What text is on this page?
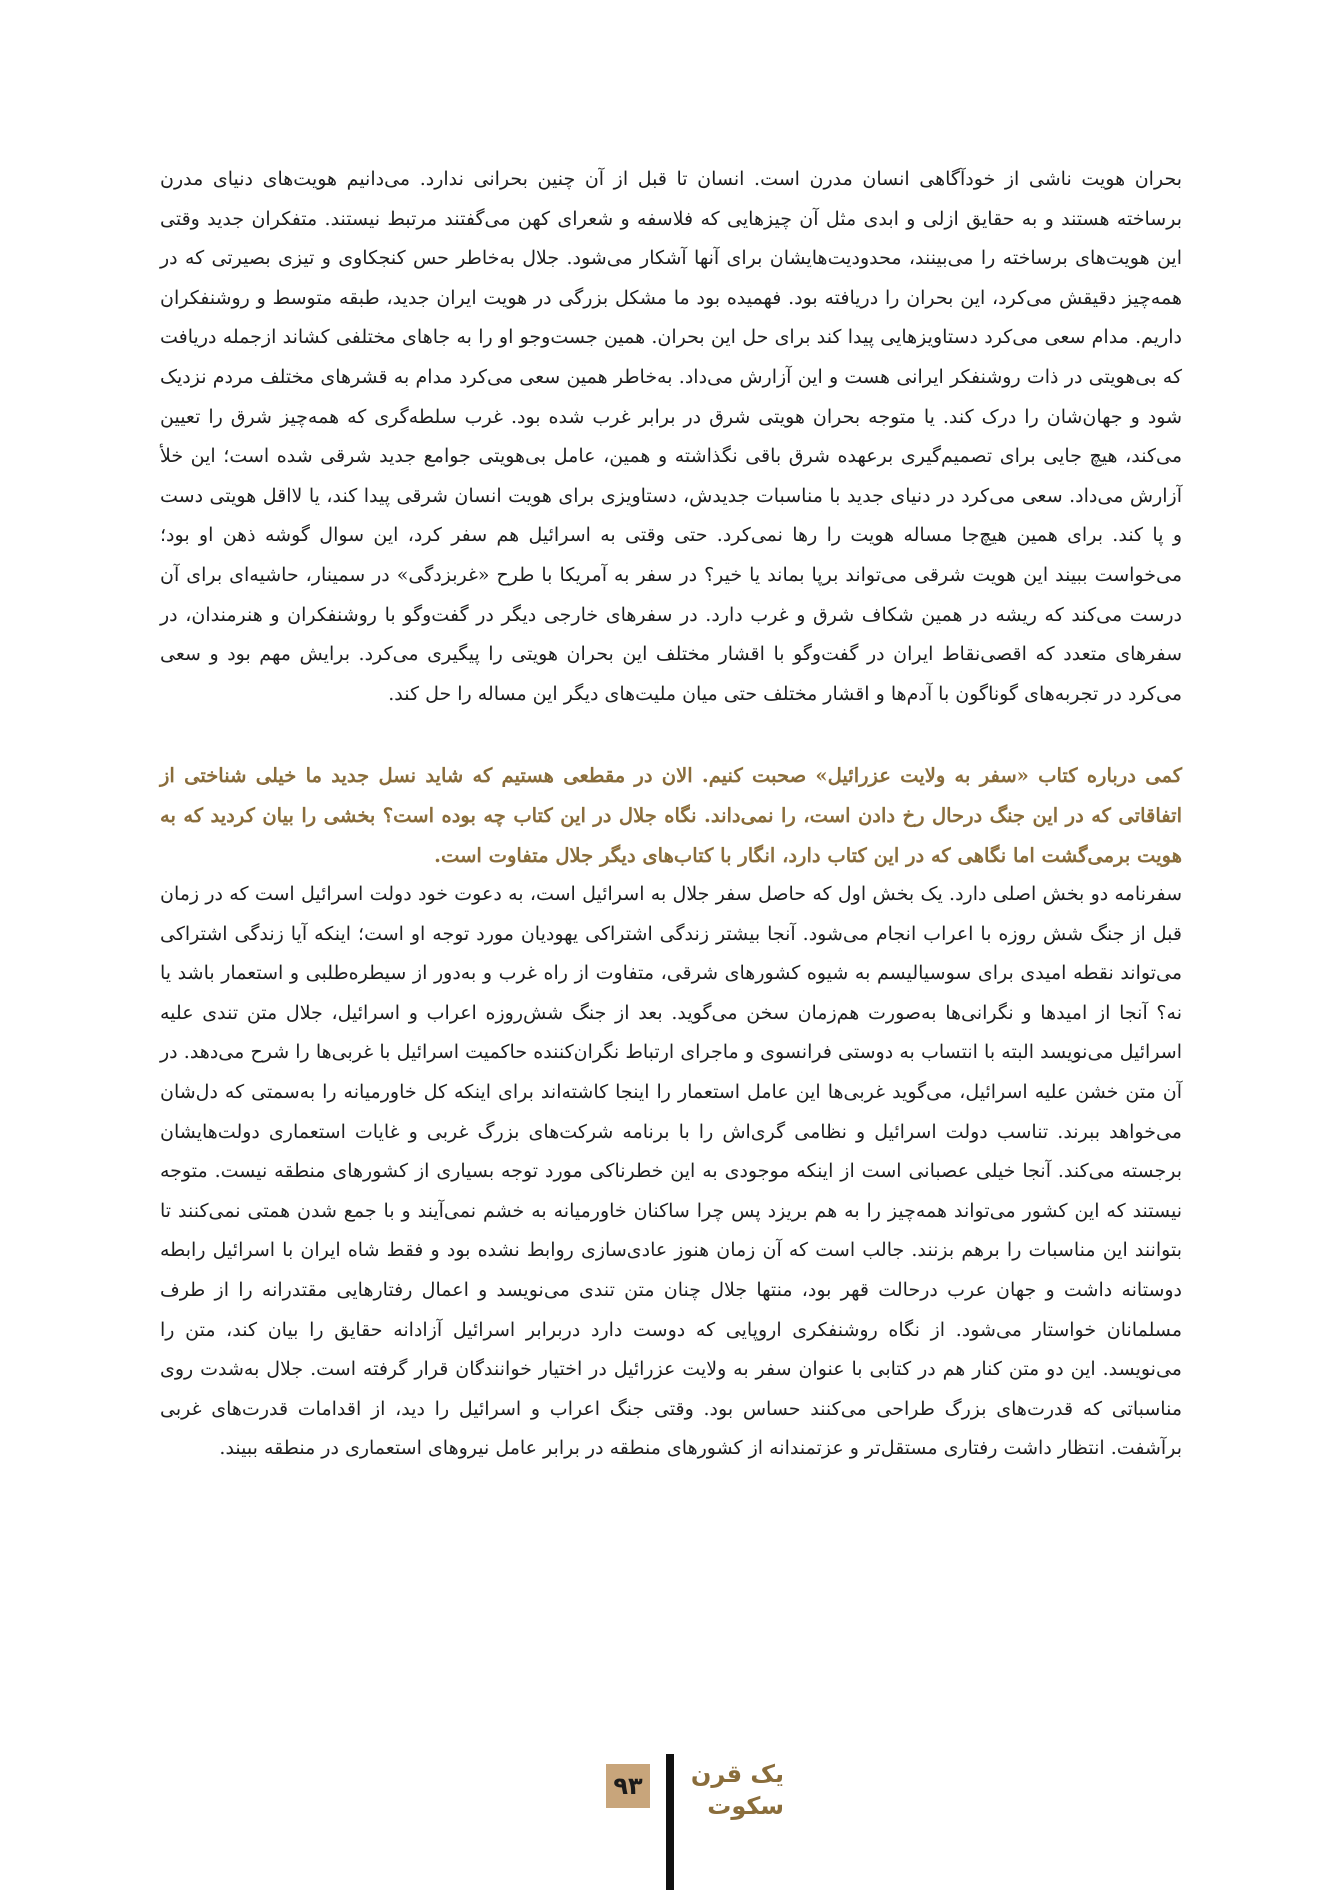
بحران هویت ناشی از خودآگاهی انسان مدرن است. انسان تا قبل از آن چنین بحرانی ندارد. می‌دانیم هویت‌های دنیای مدرن برساخته هستند و به حقایق ازلی و ابدی مثل آن چیزهایی که فلاسفه و شعرای کهن می‌گفتند مرتبط نیستند. متفکران جدید وقتی این هویت‌های برساخته را می‌بینند، محدودیت‌هایشان برای آنها آشکار می‌شود. جلال به‌خاطر حس کنجکاوی و تیزی بصیرتی که در همه‌چیز دقیقش می‌کرد، این بحران را دریافته بود. فهمیده بود ما مشکل بزرگی در هویت ایران جدید، طبقه متوسط و روشنفکران داریم. مدام سعی می‌کرد دستاویزهایی پیدا کند برای حل این بحران. همین جست‌وجو او را به جاهای مختلفی کشاند ازجمله دریافت که بی‌هویتی در ذات روشنفکر ایرانی هست و این آزارش می‌داد. به‌خاطر همین سعی می‌کرد مدام به قشرهای مختلف مردم نزدیک شود و جهان‌شان را درک کند. یا متوجه بحران هویتی شرق در برابر غرب شده بود. غرب سلطه‌گری که همه‌چیز شرق را تعیین می‌کند، هیچ جایی برای تصمیم‌گیری برعهده شرق باقی نگذاشته و همین، عامل بی‌هویتی جوامع جدید شرقی شده است؛ این خلأ آزارش می‌داد. سعی می‌کرد در دنیای جدید با مناسبات جدیدش، دستاویزی برای هویت انسان شرقی پیدا کند، یا لااقل هویتی دست و پا کند. برای همین هیچ‌جا مساله هویت را رها نمی‌کرد. حتی وقتی به اسرائیل هم سفر کرد، این سوال گوشه ذهن او بود؛ می‌خواست ببیند این هویت شرقی می‌تواند برپا بماند یا خیر؟ در سفر به آمریکا با طرح «غربزدگی» در سمینار، حاشیه‌ای برای آن درست می‌کند که ریشه در همین شکاف شرق و غرب دارد. در سفرهای خارجی دیگر در گفت‌وگو با روشنفکران و هنرمندان، در سفرهای متعدد که اقصی‌نقاط ایران در گفت‌وگو با اقشار مختلف این بحران هویتی را پیگیری می‌کرد. برایش مهم بود و سعی می‌کرد در تجربه‌های گوناگون با آدم‌ها و اقشار مختلف حتی میان ملیت‌های دیگر این مساله را حل کند.

کمی درباره کتاب «سفر به ولایت عزرائیل» صحبت کنیم. الان در مقطعی هستیم که شاید نسل جدید ما خیلی شناختی از اتفاقاتی که در این جنگ درحال رخ دادن است، را نمی‌داند. نگاه جلال در این کتاب چه بوده است؟ بخشی را بیان کردید که به هویت برمی‌گشت اما نگاهی که در این کتاب دارد، انگار با کتاب‌های دیگر جلال متفاوت است.

سفرنامه دو بخش اصلی دارد. یک بخش اول که حاصل سفر جلال به اسرائیل است، به دعوت خود دولت اسرائیل است که در زمان قبل از جنگ شش روزه با اعراب انجام می‌شود. آنجا بیشتر زندگی اشتراکی یهودیان مورد توجه او است؛ اینکه آیا زندگی اشتراکی می‌تواند نقطه امیدی برای سوسیالیسم به شیوه کشورهای شرقی، متفاوت از راه غرب و به‌دور از سیطره‌طلبی و استعمار باشد یا نه؟ آنجا از امیدها و نگرانی‌ها به‌صورت هم‌زمان سخن می‌گوید. بعد از جنگ شش‌روزه اعراب و اسرائیل، جلال متن تندی علیه اسرائیل می‌نویسد البته با انتساب به دوستی فرانسوی و ماجرای ارتباط نگران‌کننده حاکمیت اسرائیل با غربی‌ها را شرح می‌دهد. در آن متن خشن علیه اسرائیل، می‌گوید غربی‌ها این عامل استعمار را اینجا کاشته‌اند برای اینکه کل خاورمیانه را به‌سمتی که دل‌شان می‌خواهد ببرند. تناسب دولت اسرائیل و نظامی گری‌اش را با برنامه شرکت‌های بزرگ غربی و غایات استعماری دولت‌هایشان برجسته می‌کند. آنجا خیلی عصبانی است از اینکه موجودی به این خطرناکی مورد توجه بسیاری از کشورهای منطقه نیست. متوجه نیستند که این کشور می‌تواند همه‌چیز را به هم بریزد پس چرا ساکنان خاورمیانه به خشم نمی‌آیند و با جمع شدن همتی نمی‌کنند تا بتوانند این مناسبات را برهم بزنند. جالب است که آن زمان هنوز عادی‌سازی روابط نشده بود و فقط شاه ایران با اسرائیل رابطه دوستانه داشت و جهان عرب درحالت قهر بود، منتها جلال چنان متن تندی می‌نویسد و اعمال رفتارهایی مقتدرانه را از طرف مسلمانان خواستار می‌شود. از نگاه روشنفکری اروپایی که دوست دارد دربرابر اسرائیل آزادانه حقایق را بیان کند، متن را می‌نویسد. این دو متن کنار هم در کتابی با عنوان سفر به ولایت عزرائیل در اختیار خوانندگان قرار گرفته است. جلال به‌شدت روی مناسباتی که قدرت‌های بزرگ طراحی می‌کنند حساس بود. وقتی جنگ اعراب و اسرائیل را دید، از اقدامات قدرت‌های غربی برآشفت. انتظار داشت رفتاری مستقل‌تر و عزتمندانه از کشورهای منطقه در برابر عامل نیروهای استعماری در منطقه ببیند.

۹۳	یک قرن
سکوت
